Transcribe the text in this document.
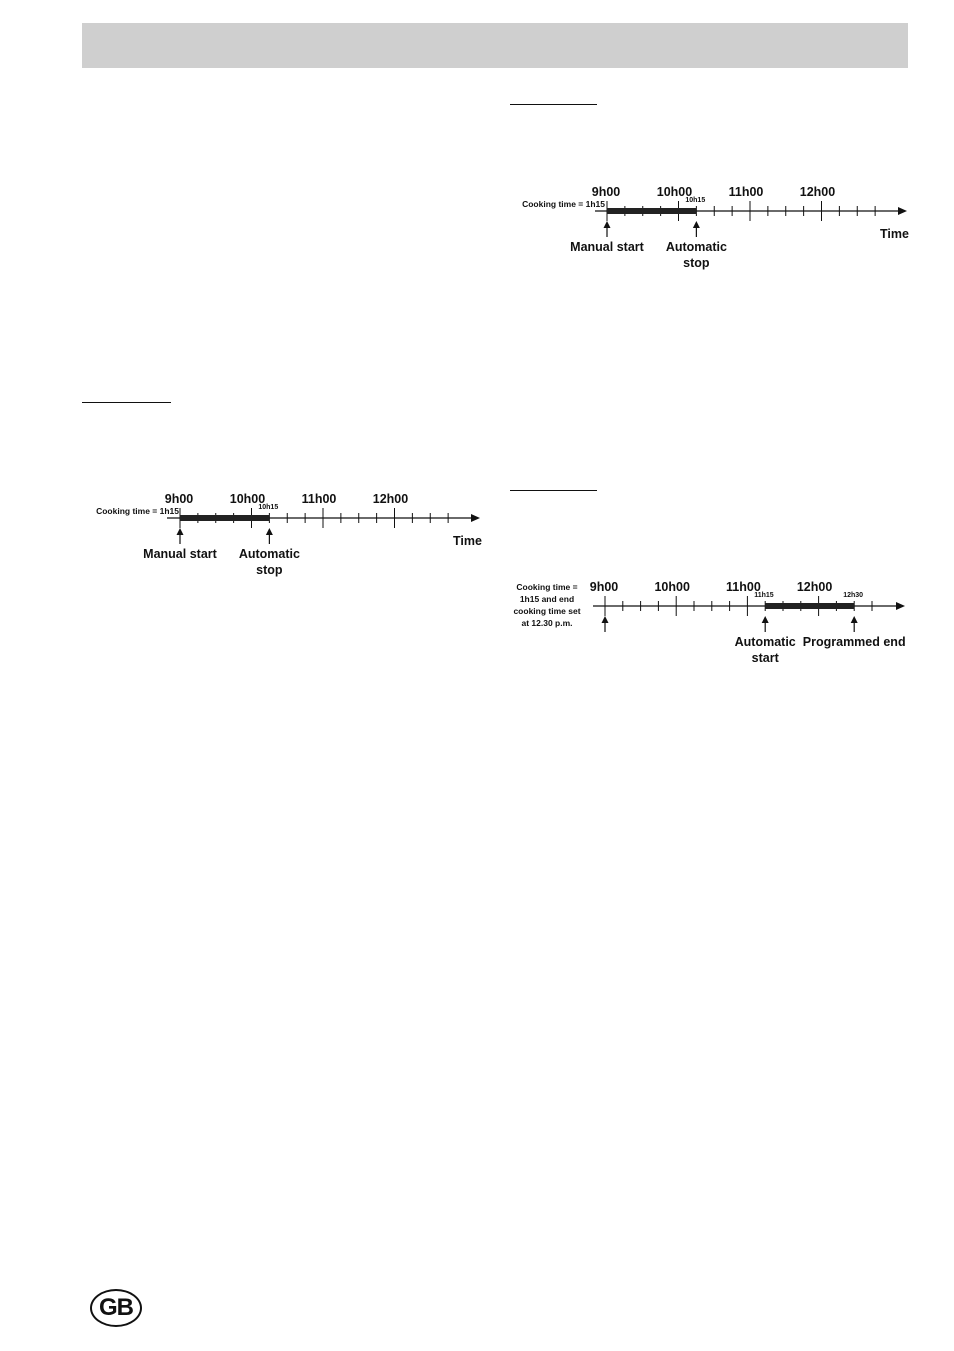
9h00	10h00	11h00	12h00
10h15
Time
Cooking time = 1h15
Manual start Automatic
stop
9h00	10h00	11h00	12h00
10h15
Time
Cooking time = 1h15
Manual start Automatic
stop
9h00	10h00	11h00	12h00
12h30
11h15
Cooking time =
1h15 and end
cooking time set
at 12.30 p.m.
Automatic
start
Programmed end
GB
